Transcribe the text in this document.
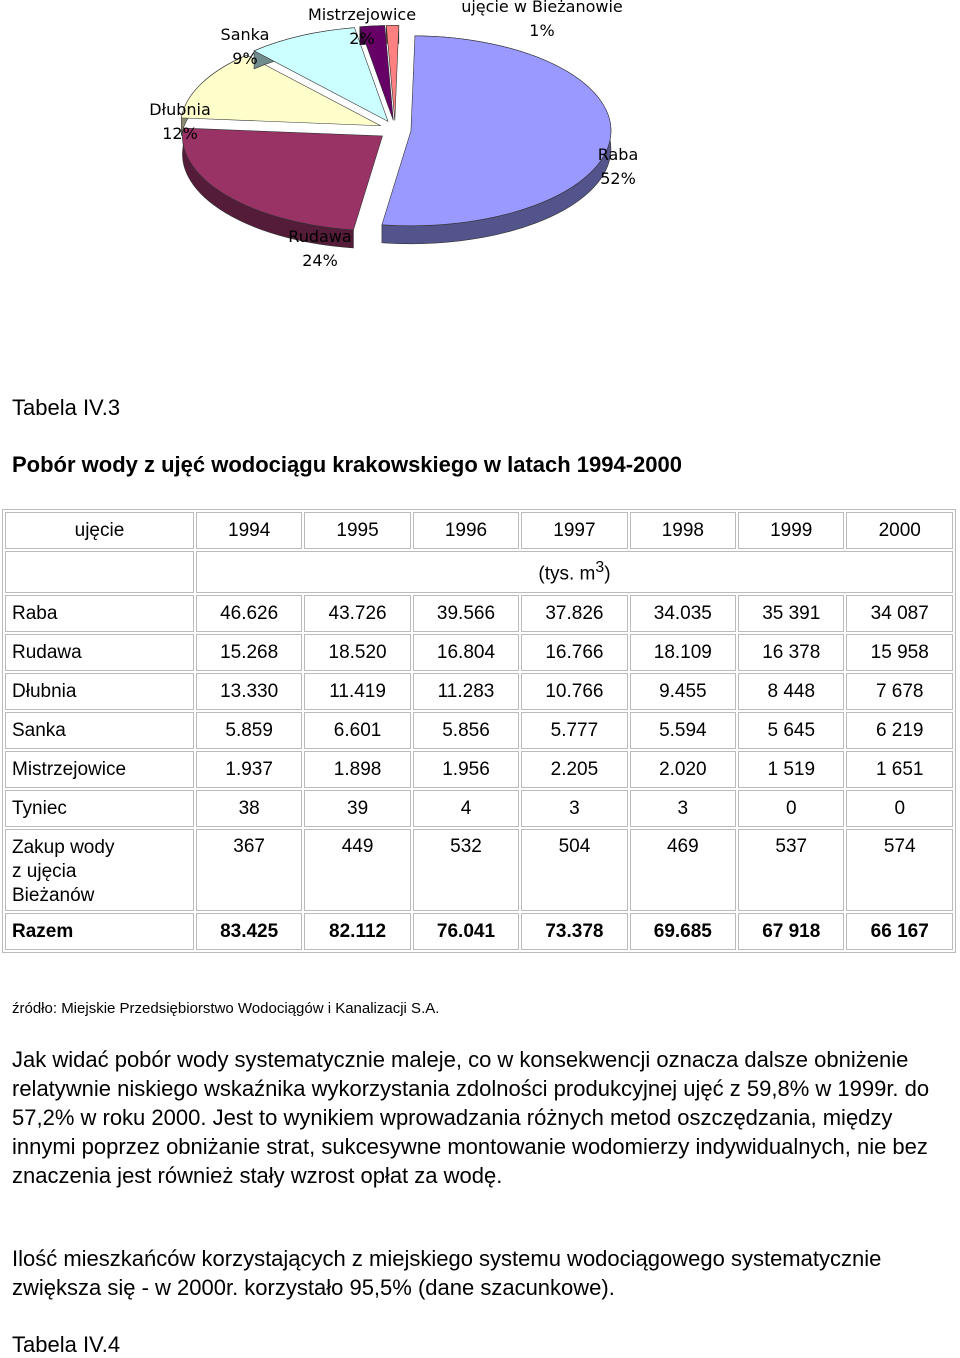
Raba
52%
Rudawa
24%
Dłubnia
12%
Sanka
9%
Mistrzejowice
2%
ujęcie w Bieżanowie
1%
Tabela IV.3
Pobór wody z ujęć wodociągu krakowskiego w latach 1994-2000
ujęcie	1994	1995	1996	1997	1998	1999	2000
	(tys. $m^3$)						
Raba	46.626	43.726	39.566	37.826	34.035	35 391	34 087
Rudawa	15.268	18.520	16.804	16.766	18.109	16 378	15 958
Dłubnia	13.330	11.419	11.283	10.766	9.455	8 448	7 678
Sanka	5.859	6.601	5.856	5.777	5.594	5 645	6 219
Mistrzejowice	1.937	1.898	1.956	2.205	2.020	1 519	1 651
Tyniec	38	39	4	3	3	0	0

Zakup wody
z ujęcia
Bieżanów	367	449	532	504	469	537	574
Razem	83.425	82.112	76.041	73.378	69.685	67 918	66 167
źródło: Miejskie Przedsiębiorstwo Wodociągów i Kanalizacji S.A.
Jak widać pobór wody systematycznie maleje, co w konsekwencji oznacza dalsze obniżenie relatywnie niskiego wskaźnika wykorzystania zdolności produkcyjnej ujęć z 59,8% w 1999r. do 57,2% w roku 2000. Jest to wynikiem wprowadzania różnych metod oszczędzania, między innymi poprzez obniżanie strat, sukcesywne montowanie wodomierzy indywidualnych, nie bez znaczenia jest również stały wzrost opłat za wodę.
Ilość mieszkańców korzystających z miejskiego systemu wodociągowego systematycznie zwiększa się - w 2000r. korzystało 95,5% (dane szacunkowe).
Tabela IV.4
